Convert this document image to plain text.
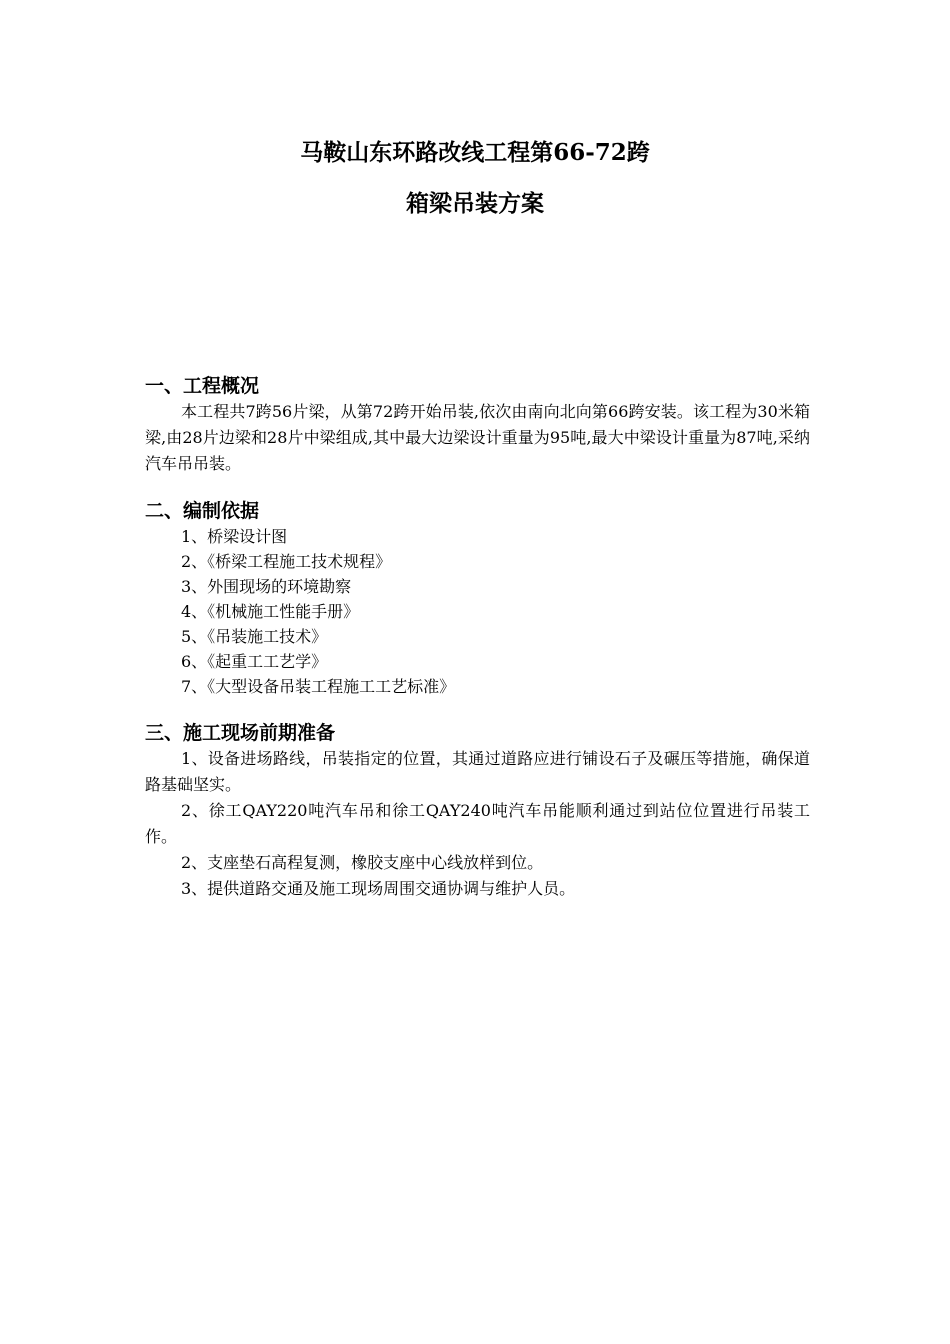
马鞍山东环路改线工程第66-72跨
箱梁吊装方案
一、工程概况

本工程共7跨56片梁，从第72跨开始吊装,依次由南向北向第66跨安装。该工程为30米箱梁,由28片边梁和28片中梁组成,其中最大边梁设计重量为95吨,最大中梁设计重量为87吨,采纳汽车吊吊装。

二、编制依据
1、桥梁设计图
2、《桥梁工程施工技术规程》
3、外围现场的环境勘察
4、《机械施工性能手册》
5、《吊装施工技术》
6、《起重工工艺学》
7、《大型设备吊装工程施工工艺标准》
三、施工现场前期准备

1、设备进场路线，吊装指定的位置，其通过道路应进行铺设石子及碾压等措施，确保道路基础坚实。

2、徐工QAY220吨汽车吊和徐工QAY240吨汽车吊能顺利通过到站位位置进行吊装工作。

2、支座垫石高程复测，橡胶支座中心线放样到位。

3、提供道路交通及施工现场周围交通协调与维护人员。
